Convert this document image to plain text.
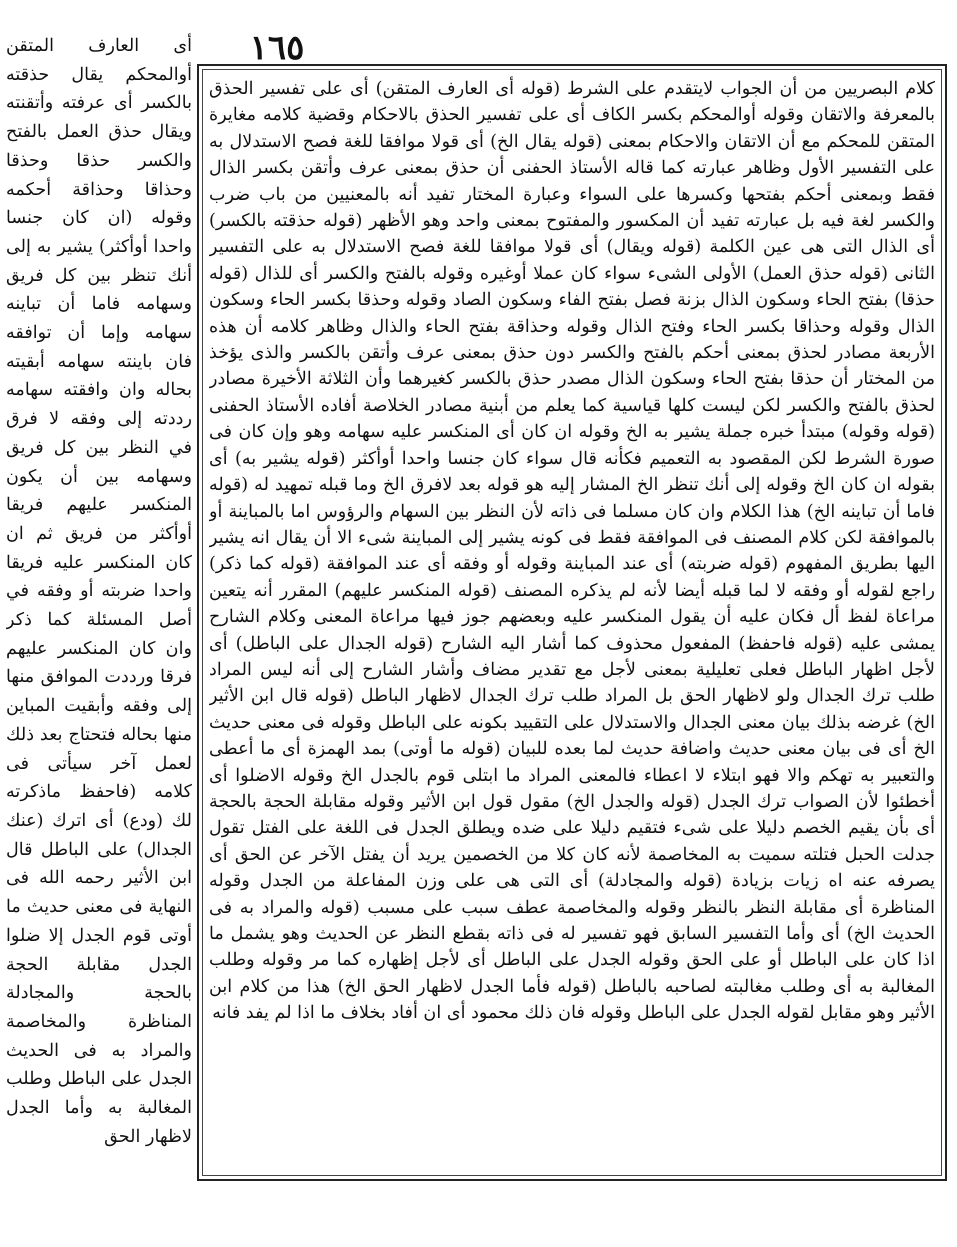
١٦٥

أى العارف المتقن أوالمحكم يقال حذقته بالكسر أى عرفته وأتقنته ويقال حذق العمل بالفتح والكسر حذقا وحذقا وحذاقا وحذاقة أحكمه وقوله (ان كان جنسا واحدا أوأكثر) يشير به إلى أنك تنظر بين كل فريق وسهامه فاما أن تباينه سهامه وإما أن توافقه فان باينته سهامه أبقيته بحاله وان وافقته سهامه رددته إلى وفقه لا فرق في النظر بين كل فريق وسهامه بين أن يكون المنكسر عليهم فريقا أوأكثر من فريق ثم ان كان المنكسر عليه فريقا واحدا ضربته أو وفقه في أصل المسئلة كما ذكر وان كان المنكسر عليهم فرقا ورددت الموافق منها إلى وفقه وأبقيت المباين منها بحاله فتحتاج بعد ذلك لعمل آخر سيأتى فى كلامه (فاحفظ ماذكرته لك (ودع) أى اترك (عنك الجدال) على الباطل قال ابن الأثير رحمه الله فى النهاية فى معنى حديث ما أوتى قوم الجدل إلا ضلوا الجدل مقابلة الحجة بالحجة والمجادلة المناظرة والمخاصمة والمراد به فى الحديث الجدل على الباطل وطلب المغالبة به وأما الجدل لاظهار الحق

كلام البصريين من أن الجواب لايتقدم على الشرط (قوله أى العارف المتقن) أى على تفسير الحذق بالمعرفة والاتقان وقوله أوالمحكم بكسر الكاف أى على تفسير الحذق بالاحكام وقضية كلامه مغايرة المتقن للمحكم مع أن الاتقان والاحكام بمعنى (قوله يقال الخ) أى قولا موافقا للغة فصح الاستدلال به على التفسير الأول وظاهر عبارته كما قاله الأستاذ الحفنى أن حذق بمعنى عرف وأتقن بكسر الذال فقط وبمعنى أحكم بفتحها وكسرها على السواء وعبارة المختار تفيد أنه بالمعنيين من باب ضرب والكسر لغة فيه بل عبارته تفيد أن المكسور والمفتوح بمعنى واحد وهو الأظهر (قوله حذقته بالكسر) أى الذال التى هى عين الكلمة (قوله ويقال) أى قولا موافقا للغة فصح الاستدلال به على التفسير الثانى (قوله حذق العمل) الأولى الشىء سواء كان عملا أوغيره وقوله بالفتح والكسر أى للذال (قوله حذقا) بفتح الحاء وسكون الذال بزنة فصل بفتح الفاء وسكون الصاد وقوله وحذقا بكسر الحاء وسكون الذال وقوله وحذاقا بكسر الحاء وفتح الذال وقوله وحذاقة بفتح الحاء والذال وظاهر كلامه أن هذه الأربعة مصادر لحذق بمعنى أحكم بالفتح والكسر دون حذق بمعنى عرف وأتقن بالكسر والذى يؤخذ من المختار أن حذقا بفتح الحاء وسكون الذال مصدر حذق بالكسر كغيرهما وأن الثلاثة الأخيرة مصادر لحذق بالفتح والكسر لكن ليست كلها قياسية كما يعلم من أبنية مصادر الخلاصة أفاده الأستاذ الحفنى (قوله وقوله) مبتدأ خبره جملة يشير به الخ وقوله ان كان أى المنكسر عليه سهامه وهو وإن كان فى صورة الشرط لكن المقصود به التعميم فكأنه قال سواء كان جنسا واحدا أوأكثر (قوله يشير به) أى بقوله ان كان الخ وقوله إلى أنك تنظر الخ المشار إليه هو قوله بعد لافرق الخ وما قبله تمهيد له (قوله فاما أن تباينه الخ) هذا الكلام وان كان مسلما فى ذاته لأن النظر بين السهام والرؤوس اما بالمباينة أو بالموافقة لكن كلام المصنف فى الموافقة فقط فى كونه يشير إلى المباينة شىء الا أن يقال انه يشير اليها بطريق المفهوم (قوله ضربته) أى عند المباينة وقوله أو وفقه أى عند الموافقة (قوله كما ذكر) راجع لقوله أو وفقه لا لما قبله أيضا لأنه لم يذكره المصنف (قوله المنكسر عليهم) المقرر أنه يتعين مراعاة لفظ أل فكان عليه أن يقول المنكسر عليه وبعضهم جوز فيها مراعاة المعنى وكلام الشارح يمشى عليه (قوله فاحفظ) المفعول محذوف كما أشار اليه الشارح (قوله الجدال على الباطل) أى لأجل اظهار الباطل فعلى تعليلية بمعنى لأجل مع تقدير مضاف وأشار الشارح إلى أنه ليس المراد طلب ترك الجدال ولو لاظهار الحق بل المراد طلب ترك الجدال لاظهار الباطل (قوله قال ابن الأثير الخ) غرضه بذلك بيان معنى الجدال والاستدلال على التقييد بكونه على الباطل وقوله فى معنى حديث الخ أى فى بيان معنى حديث واضافة حديث لما بعده للبيان (قوله ما أوتى) بمد الهمزة أى ما أعطى والتعبير به تهكم والا فهو ابتلاء لا اعطاء فالمعنى المراد ما ابتلى قوم بالجدل الخ وقوله الاضلوا أى أخطئوا لأن الصواب ترك الجدل (قوله والجدل الخ) مقول قول ابن الأثير وقوله مقابلة الحجة بالحجة أى بأن يقيم الخصم دليلا على شىء فتقيم دليلا على ضده ويطلق الجدل فى اللغة على الفتل تقول جدلت الحبل فتلته سميت به المخاصمة لأنه كان كلا من الخصمين يريد أن يفتل الآخر عن الحق أى يصرفه عنه اه زيات بزيادة (قوله والمجادلة) أى التى هى على وزن المفاعلة من الجدل وقوله المناظرة أى مقابلة النظر بالنظر وقوله والمخاصمة عطف سبب على مسبب (قوله والمراد به فى الحديث الخ) أى وأما التفسير السابق فهو تفسير له فى ذاته بقطع النظر عن الحديث وهو يشمل ما اذا كان على الباطل أو على الحق وقوله الجدل على الباطل أى لأجل إظهاره كما مر وقوله وطلب المغالبة به أى وطلب مغالبته لصاحبه بالباطل (قوله فأما الجدل لاظهار الحق الخ) هذا من كلام ابن الأثير وهو مقابل لقوله الجدل على الباطل وقوله فان ذلك محمود أى ان أفاد بخلاف ما اذا لم يفد فانه
